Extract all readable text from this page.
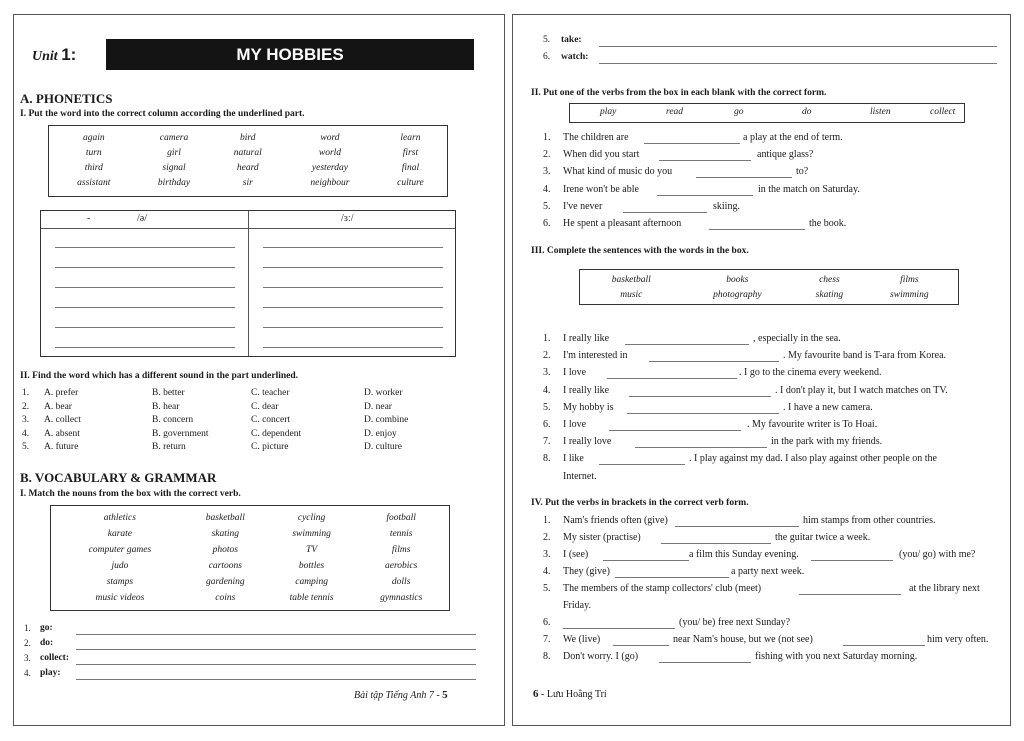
Unit 1:	MY HOBBIES
A. PHONETICS
I. Put the word into the correct column according the underlined part.
again	camera	bird	word	learn
turn	girl	natural	world	first
third	signal	heard	yesterday	final
assistant	birthday	sir	neighbour	culture
-	/ə/	/ɜː/
II. Find the word which has a different sound in the part underlined.
1. A. prefer	B. better	C. teacher	D. worker
2. A. bear	B. hear	C. dear	D. near
3. A. collect	B. concern	C. concert	D. combine
4. A. absent	B. government	C. dependent	D. enjoy
5. A. future	B. return	C. picture	D. culture
B. VOCABULARY & GRAMMAR
I. Match the nouns from the box with the correct verb.
athletics	basketball	cycling	football
karate	skating	swimming	tennis
computer games	photos	TV	films
judo	cartoons	bottles	aerobics
stamps	gardening	camping	dolls
music videos	coins	table tennis	gymnastics
1. go:
2. do:
3. collect:
4. play:
Bài tập Tiếng Anh 7 - 5
5. take:
6. watch:
II. Put one of the verbs from the box in each blank with the correct form.
play	read	go	do	listen	collect
1. The children are	a play at the end of term.
2. When did you start	antique glass?
3. What kind of music do you	to?
4. Irene won't be able	in the match on Saturday.
5. I've never	skiing.
6. He spent a pleasant afternoon	the book.
III. Complete the sentences with the words in the box.
basketball	books	chess	films
music	photography	skating	swimming
1. I really like	, especially in the sea.
2. I'm interested in	. My favourite band is T-ara from Korea.
3. I love	. I go to the cinema every weekend.
4. I really like	. I don't play it, but I watch matches on TV.
5. My hobby is	. I have a new camera.
6. I love	. My favourite writer is To Hoai.
7. I really love	in the park with my friends.
8. I like	. I play against my dad. I also play against other people on the
Internet.
IV. Put the verbs in brackets in the correct verb form.
1. Nam's friends often (give)	him stamps from other countries.
2. My sister (practise)	the guitar twice a week.
3. I (see)	a film this Sunday evening.	(you/ go) with me?
4. They (give)	a party next week.
5. The members of the stamp collectors' club (meet)	at the library next
6.	(you/ be) free next Sunday?
7. We (live)	near Nam's house, but we (not see)	him very often.
8. Don't worry. I (go)	fishing with you next Saturday morning.
Friday.
6 - Lưu Hoằng Trí
